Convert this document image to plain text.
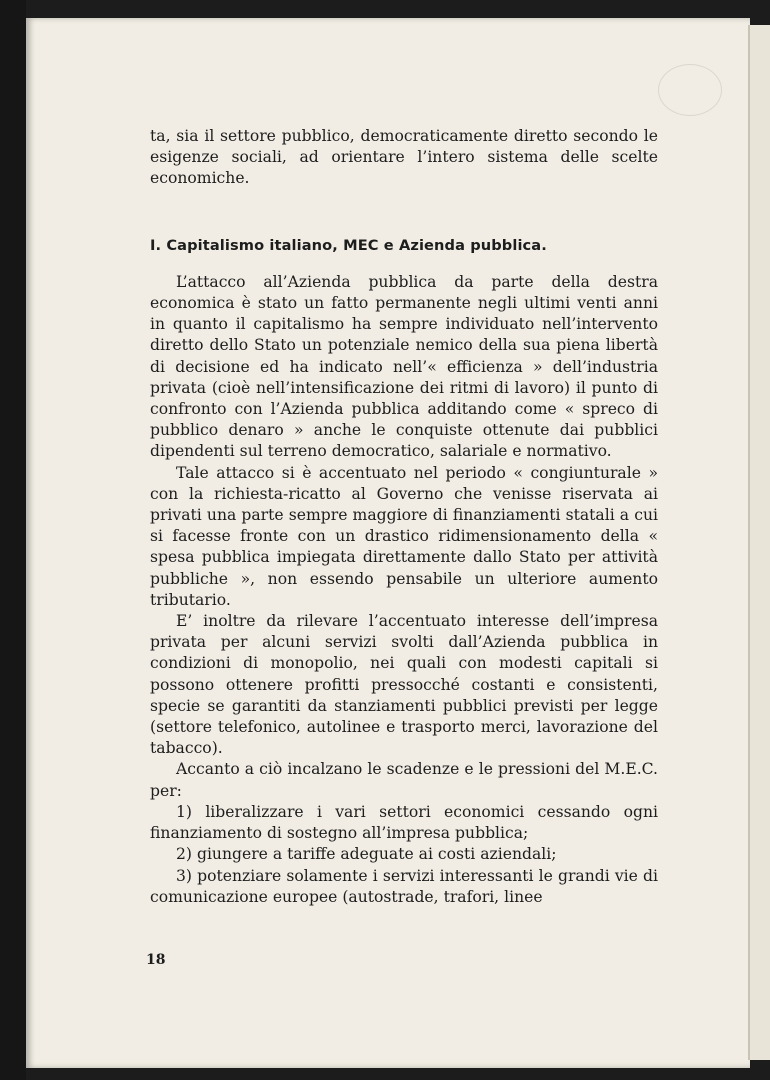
ta, sia il settore pubblico, democraticamente diretto secondo le esigenze sociali, ad orientare l’intero sistema delle scelte economiche.

I. Capitalismo italiano, MEC e Azienda pubblica.

L’attacco all’Azienda pubblica da parte della destra economica è stato un fatto permanente negli ultimi venti anni in quanto il capitalismo ha sempre individuato nell’intervento diretto dello Stato un potenziale nemico della sua piena libertà di decisione ed ha indicato nell’« efficienza » dell’industria privata (cioè nell’intensificazione dei ritmi di lavoro) il punto di confronto con l’Azienda pubblica additando come « spreco di pubblico denaro » anche le conquiste ottenute dai pubblici dipendenti sul terreno democratico, salariale e normativo.

Tale attacco si è accentuato nel periodo « congiunturale » con la richiesta-ricatto al Governo che venisse riservata ai privati una parte sempre maggiore di finanziamenti statali a cui si facesse fronte con un drastico ridimensionamento della « spesa pubblica impiegata direttamente dallo Stato per attività pubbliche », non essendo pensabile un ulteriore aumento tributario.

E’ inoltre da rilevare l’accentuato interesse dell’impresa privata per alcuni servizi svolti dall’Azienda pubblica in condizioni di monopolio, nei quali con modesti capitali si possono ottenere profitti pressocché costanti e consistenti, specie se garantiti da stanziamenti pubblici previsti per legge (settore telefonico, autolinee e trasporto merci, lavorazione del tabacco).

Accanto a ciò incalzano le scadenze e le pressioni del M.E.C. per:

1) liberalizzare i vari settori economici cessando ogni finanziamento di sostegno all’impresa pubblica;

2) giungere a tariffe adeguate ai costi aziendali;

3) potenziare solamente i servizi interessanti le grandi vie di comunicazione europee (autostrade, trafori, linee

18
